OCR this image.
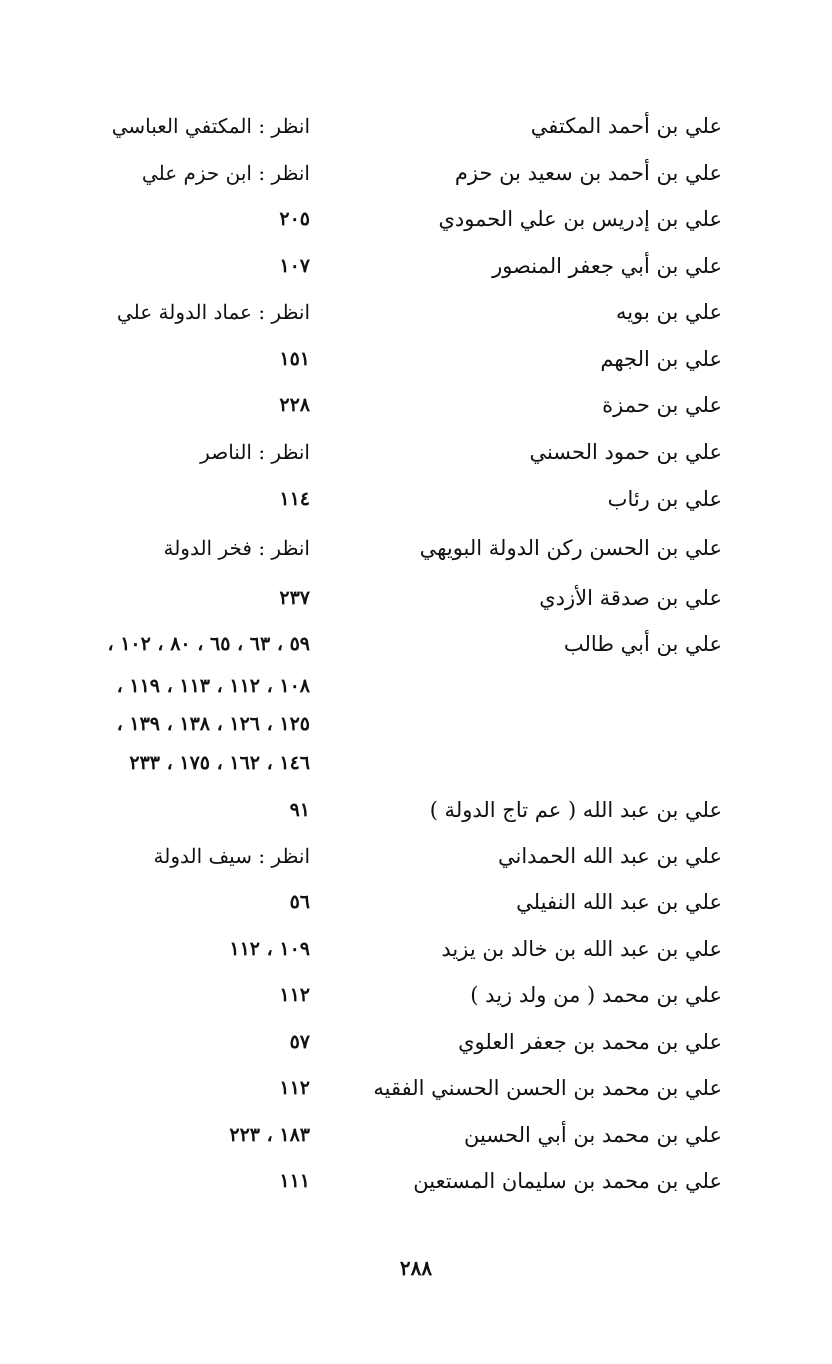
علي بن أحمد المكتفي
انظر : المكتفي العباسي
علي بن أحمد بن سعيد بن حزم
انظر : ابن حزم علي
علي بن إدريس بن علي الحمودي
٢٠٥
علي بن أبي جعفر المنصور
١٠٧
علي بن بويه
انظر : عماد الدولة علي
علي بن الجهم
١٥١
علي بن حمزة
٢٢٨
علي بن حمود الحسني
انظر : الناصر
علي بن رئاب
١١٤
علي بن الحسن ركن الدولة البويهي
انظر : فخر الدولة
علي بن صدقة الأزدي
٢٣٧
علي بن أبي طالب
٥٩ ، ٦٣ ، ٦٥ ، ٨٠ ، ١٠٢ ،
١٠٨ ، ١١٢ ، ١١٣ ، ١١٩ ،
١٢٥ ، ١٢٦ ، ١٣٨ ، ١٣٩ ،
١٤٦ ، ١٦٢ ، ١٧٥ ، ٢٣٣
علي بن عبد الله ( عم تاج الدولة )
٩١
علي بن عبد الله الحمداني
انظر : سيف الدولة
علي بن عبد الله النفيلي
٥٦
علي بن عبد الله بن خالد بن يزيد
١٠٩ ، ١١٢
علي بن محمد ( من ولد زيد )
١١٢
علي بن محمد بن جعفر العلوي
٥٧
علي بن محمد بن الحسن الحسني الفقيه
١١٢
علي بن محمد بن أبي الحسين
١٨٣ ، ٢٢٣
علي بن محمد بن سليمان المستعين
١١١
٢٨٨
